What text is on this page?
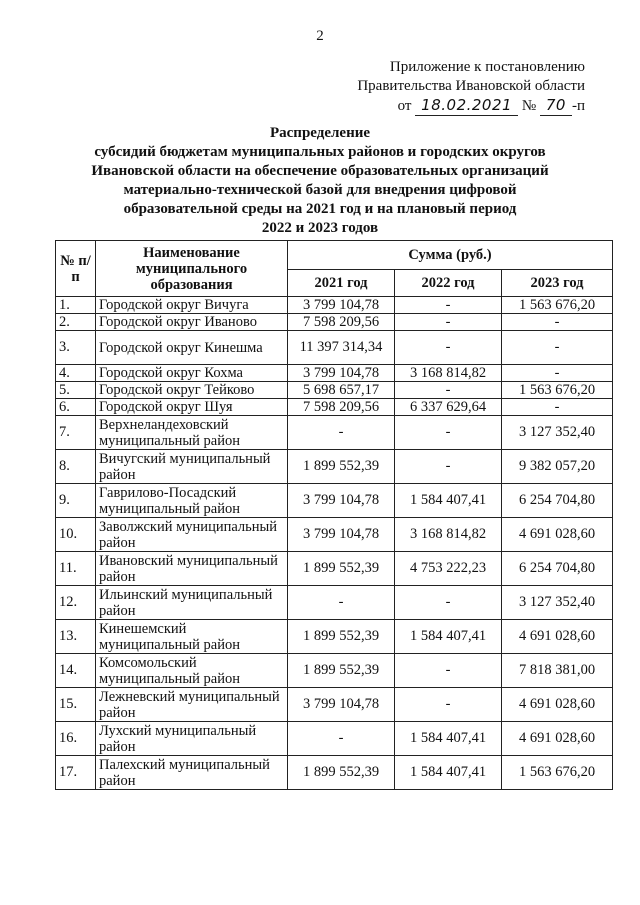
2
Приложение к постановлению
Правительства Ивановской области
от 18.02.2021 № 70 -п
Распределение
субсидий бюджетам муниципальных районов и городских округов
Ивановской области на обеспечение образовательных организаций
материально-технической базой для внедрения цифровой
образовательной среды на 2021 год и на плановый период
2022 и 2023 годов
№ п/п	Наименование муниципального образования	Сумма (руб.)		
		2021 год	2022 год	2023 год
1.	Городской округ Вичуга	3 799 104,78	-	1 563 676,20
2.	Городской округ Иваново	7 598 209,56	-	-
3.	Городской округ Кинешма	11 397 314,34	-	-
4.	Городской округ Кохма	3 799 104,78	3 168 814,82	-
5.	Городской округ Тейково	5 698 657,17	-	1 563 676,20
6.	Городской округ Шуя	7 598 209,56	6 337 629,64	-
7.	Верхнеландеховский муниципальный район	-	-	3 127 352,40
8.	Вичугский муниципальный район	1 899 552,39	-	9 382 057,20
9.	Гаврилово-Посадский муниципальный район	3 799 104,78	1 584 407,41	6 254 704,80
10.	Заволжский муниципальный район	3 799 104,78	3 168 814,82	4 691 028,60
11.	Ивановский муниципальный район	1 899 552,39	4 753 222,23	6 254 704,80
12.	Ильинский муниципальный район	-	-	3 127 352,40
13.	Кинешемский муниципальный район	1 899 552,39	1 584 407,41	4 691 028,60
14.	Комсомольский муниципальный район	1 899 552,39	-	7 818 381,00
15.	Лежневский муниципальный район	3 799 104,78	-	4 691 028,60
16.	Лухский муниципальный район	-	1 584 407,41	4 691 028,60
17.	Палехский муниципальный район	1 899 552,39	1 584 407,41	1 563 676,20
